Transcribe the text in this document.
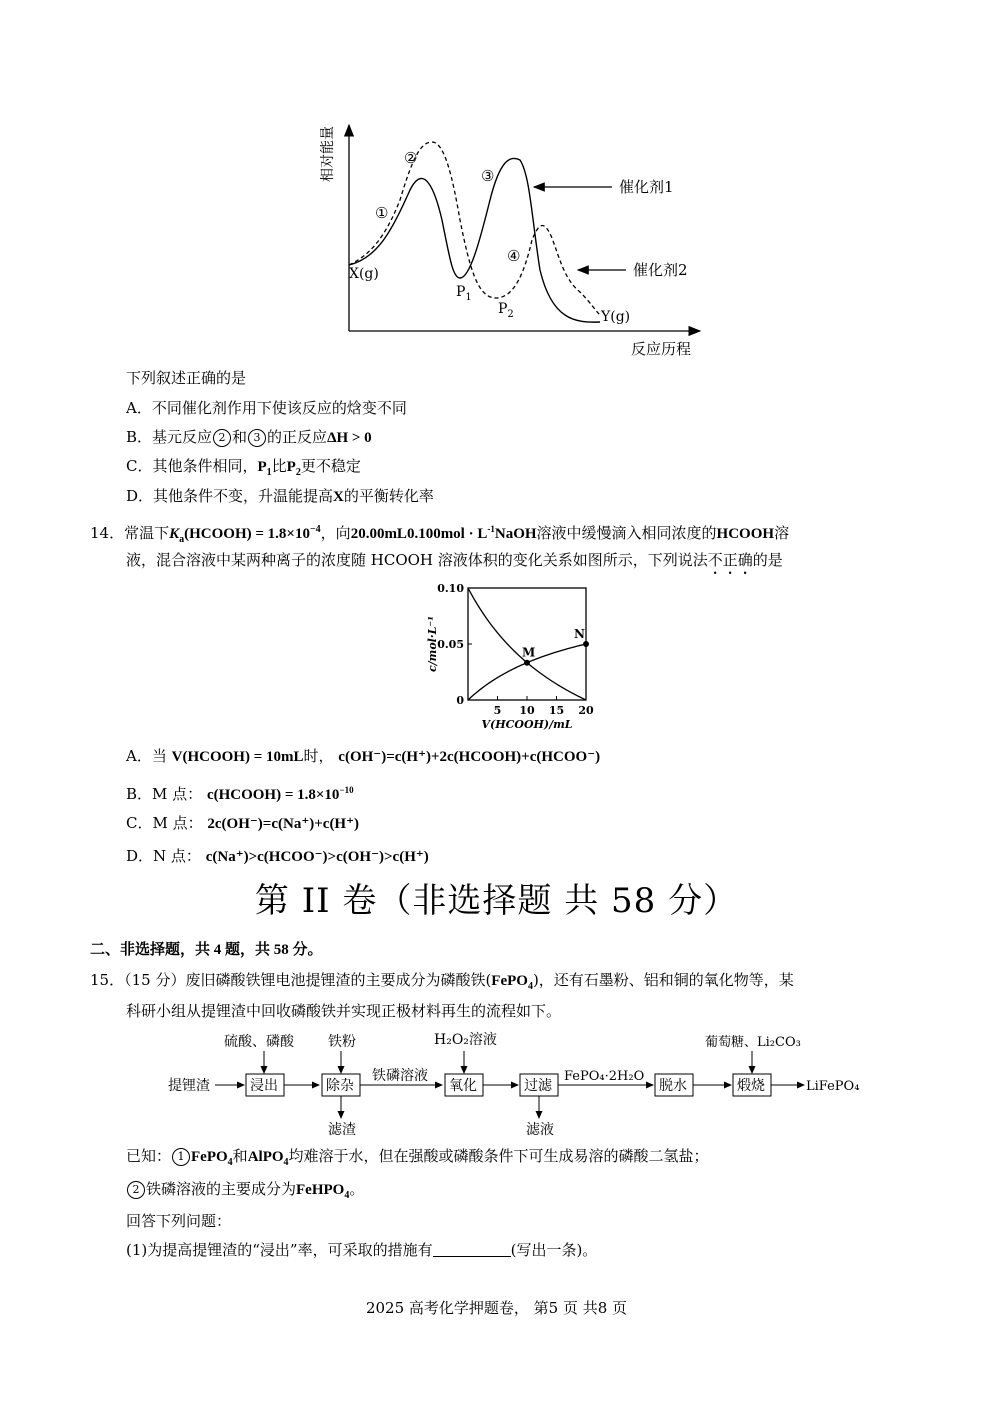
相对能量
反应历程
①
②
③
④
X(g)
Y(g)
$P_1$
$P_2$
催化剂1
催化剂2
下列叙述正确的是
A．不同催化剂作用下使该反应的焓变不同
B．基元反应 2 和 3 的正反应ΔH > 0
C．其他条件相同，$P_1$比$P_2$更不稳定
D．其他条件不变，升温能提高X的平衡转化率
14．常温下$K_a(HCOOH) = 1.8\times 10^{-4}$，向$20.00mL0.100mol \cdot L^{-1}NaOH$溶液中缓慢滴入相同浓度的HCOOH溶
液，混合溶液中某两种离子的浓度随 HCOOH 溶液体积的变化关系如图所示，下列说法不正确的是
0
0.05
0.10
5 10 15 20
V(HCOOH)/mL
c/mol·L⁻¹	M
N
A．当 V(HCOOH) = 10mL时， c(OH⁻)=c(H⁺)+2c(HCOOH)+c(HCOO⁻)
B．M 点： c(HCOOH) = $1.8\times 10^{-10}$
C．M 点： 2c(OH⁻)=c(Na⁺)+c(H⁺)
D．N 点： c(Na⁺)>c(HCOO⁻)>c(OH⁻)>c(H⁺)
第 II 卷（非选择题 共 58 分）
二、非选择题，共 4 题，共 58 分。
15．（15 分）废旧磷酸铁锂电池提锂渣的主要成分为磷酸铁(FePO$_4$)，还有石墨粉、铝和铜的氧化物等，某
科研小组从提锂渣中回收磷酸铁并实现正极材料再生的流程如下。
提锂渣
硫酸、磷酸
浸出
铁粉
除杂
滤渣
铁磷溶液
H₂O₂溶液
氧化	过滤
滤液
FePO₄·2H₂O
脱水
葡萄糖、Li₂CO₃
煅烧	LiFePO₄
已知： 1 FePO$_4$和AlPO$_4$均难溶于水，但在强酸或磷酸条件下可生成易溶的磷酸二氢盐；
2 铁磷溶液的主要成分为FeHPO$_4$。
回答下列问题：
(1)为提高提锂渣的“浸出”率，可采取的措施有	(写出一条)。
2025 高考化学押题卷， 第5 页 共8 页
